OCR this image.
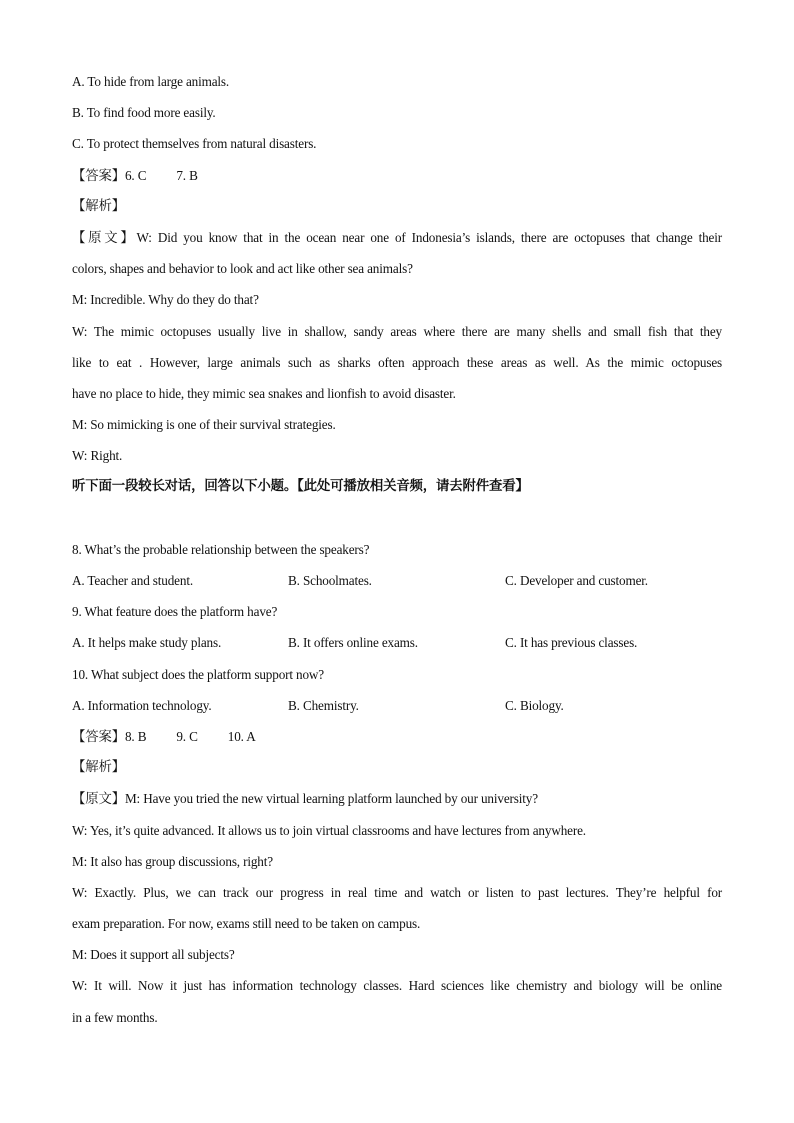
A. To hide from large animals.
B. To find food more easily.
C. To protect themselves from natural disasters.
【答案】6. C 7. B
【解析】
【原文】W: Did you know that in the ocean near one of Indonesia’s islands, there are octopuses that change their
colors, shapes and behavior to look and act like other sea animals?
M: Incredible. Why do they do that?
W: The mimic octopuses usually live in shallow, sandy areas where there are many shells and small fish that they
like to eat . However, large animals such as sharks often approach these areas as well. As the mimic octopuses
have no place to hide, they mimic sea snakes and lionfish to avoid disaster.
M: So mimicking is one of their survival strategies.
W: Right.
听下面一段较长对话，回答以下小题。【此处可播放相关音频，请去附件查看】
8. What’s the probable relationship between the speakers?
A. Teacher and student.	B. Schoolmates.	C. Developer and customer.
9. What feature does the platform have?
A. It helps make study plans.	B. It offers online exams.	C. It has previous classes.
10. What subject does the platform support now?
A. Information technology.	B. Chemistry.	C. Biology.
【答案】8. B 9. C 10. A
【解析】
【原文】M: Have you tried the new virtual learning platform launched by our university?
W: Yes, it’s quite advanced. It allows us to join virtual classrooms and have lectures from anywhere.
M: It also has group discussions, right?
W: Exactly. Plus, we can track our progress in real time and watch or listen to past lectures. They’re helpful for
exam preparation. For now, exams still need to be taken on campus.
M: Does it support all subjects?
W: It will. Now it just has information technology classes. Hard sciences like chemistry and biology will be online
in a few months.
